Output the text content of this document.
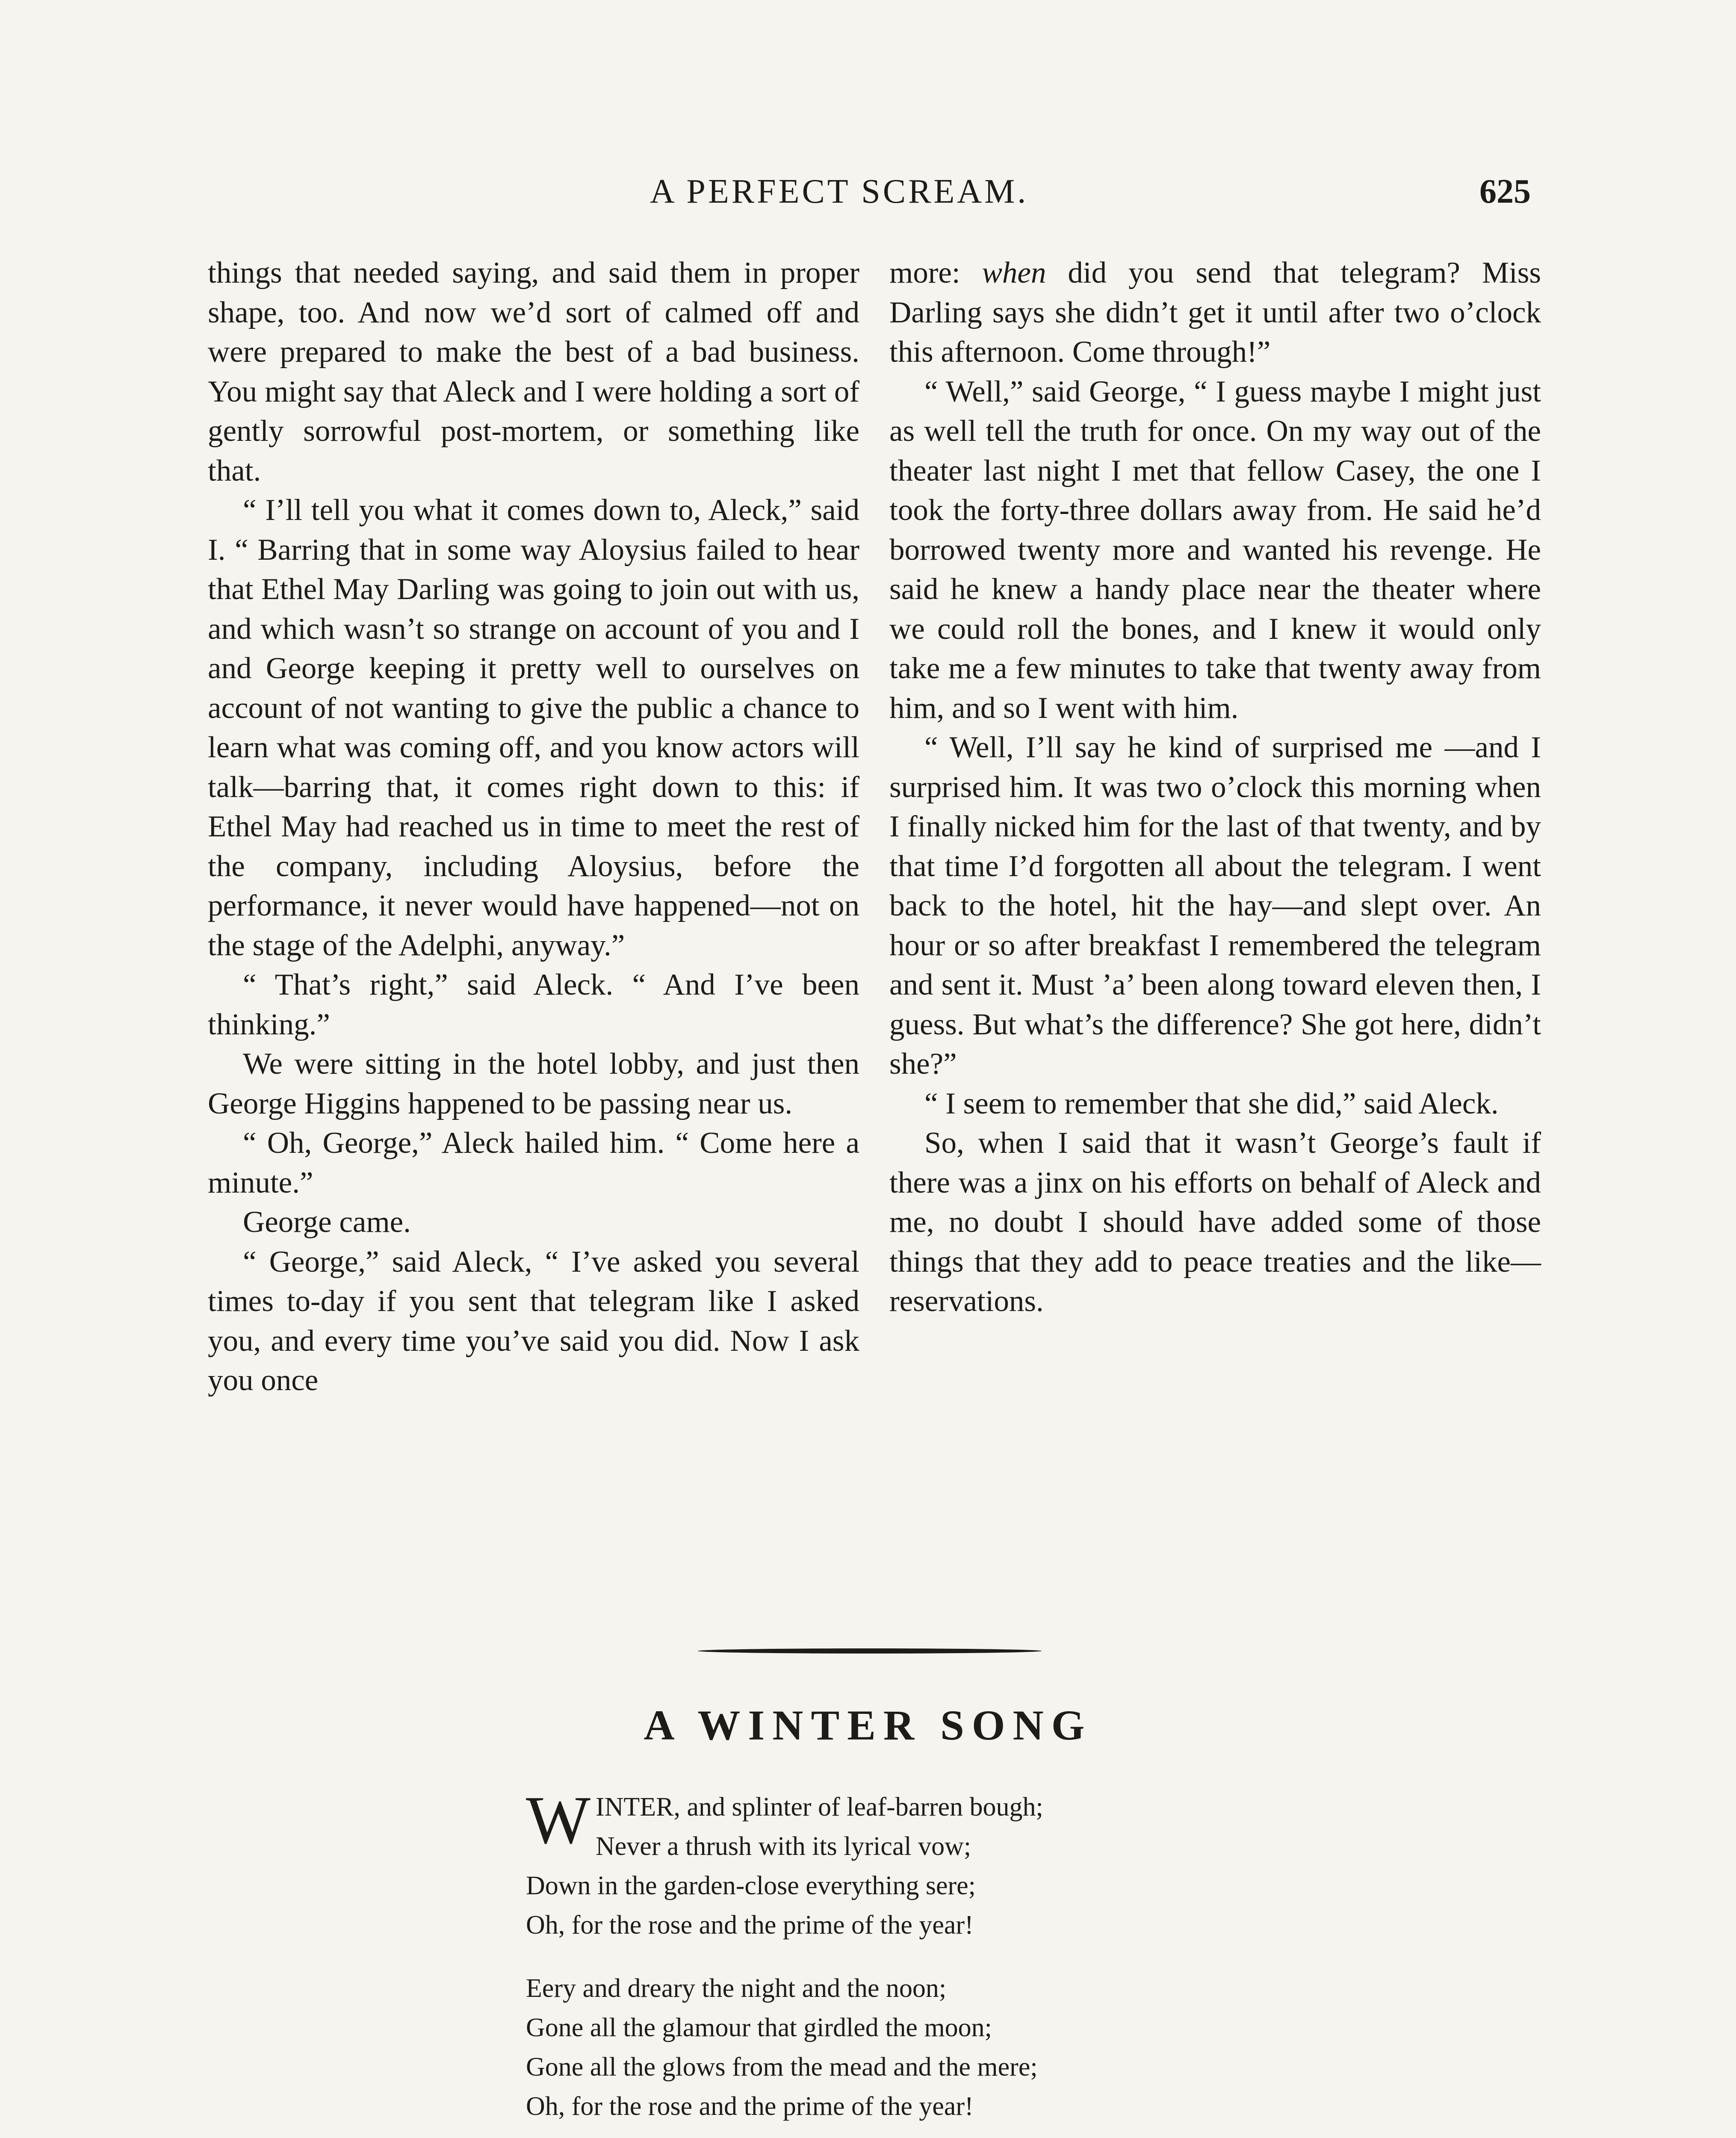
A PERFECT SCREAM.	625

things that needed saying, and said them in proper shape, too. And now we’d sort of calmed off and were prepared to make the best of a bad business. You might say that Aleck and I were holding a sort of gently sorrowful post-mortem, or something like that.

“ I’ll tell you what it comes down to, Aleck,” said I. “ Barring that in some way Aloysius failed to hear that Ethel May Darling was going to join out with us, and which wasn’t so strange on account of you and I and George keeping it pretty well to ourselves on account of not wanting to give the public a chance to learn what was coming off, and you know actors will talk—barring that, it comes right down to this: if Ethel May had reached us in time to meet the rest of the company, including Aloysius, before the performance, it never would have happened—not on the stage of the Adelphi, anyway.”

“ That’s right,” said Aleck. “ And I’ve been thinking.”

We were sitting in the hotel lobby, and just then George Higgins happened to be passing near us.

“ Oh, George,” Aleck hailed him. “ Come here a minute.”

George came.

“ George,” said Aleck, “ I’ve asked you several times to-day if you sent that telegram like I asked you, and every time you’ve said you did. Now I ask you once

more: when did you send that telegram? Miss Darling says she didn’t get it until after two o’clock this afternoon. Come through!”

“ Well,” said George, “ I guess maybe I might just as well tell the truth for once. On my way out of the theater last night I met that fellow Casey, the one I took the forty-three dollars away from. He said he’d borrowed twenty more and wanted his revenge. He said he knew a handy place near the theater where we could roll the bones, and I knew it would only take me a few minutes to take that twenty away from him, and so I went with him.

“ Well, I’ll say he kind of surprised me —and I surprised him. It was two o’clock this morning when I finally nicked him for the last of that twenty, and by that time I’d forgotten all about the telegram. I went back to the hotel, hit the hay—and slept over. An hour or so after breakfast I remembered the telegram and sent it. Must ’a’ been along toward eleven then, I guess. But what’s the difference? She got here, didn’t she?”

“ I seem to remember that she did,” said Aleck.

So, when I said that it wasn’t George’s fault if there was a jinx on his efforts on behalf of Aleck and me, no doubt I should have added some of those things that they add to peace treaties and the like—reservations.

A WINTER SONG
W INTER, and splinter of leaf-barren bough;
Never a thrush with its lyrical vow;
Down in the garden-close everything sere;
Oh, for the rose and the prime of the year!
Eery and dreary the night and the noon;
Gone all the glamour that girdled the moon;
Gone all the glows from the mead and the mere;
Oh, for the rose and the prime of the year!
